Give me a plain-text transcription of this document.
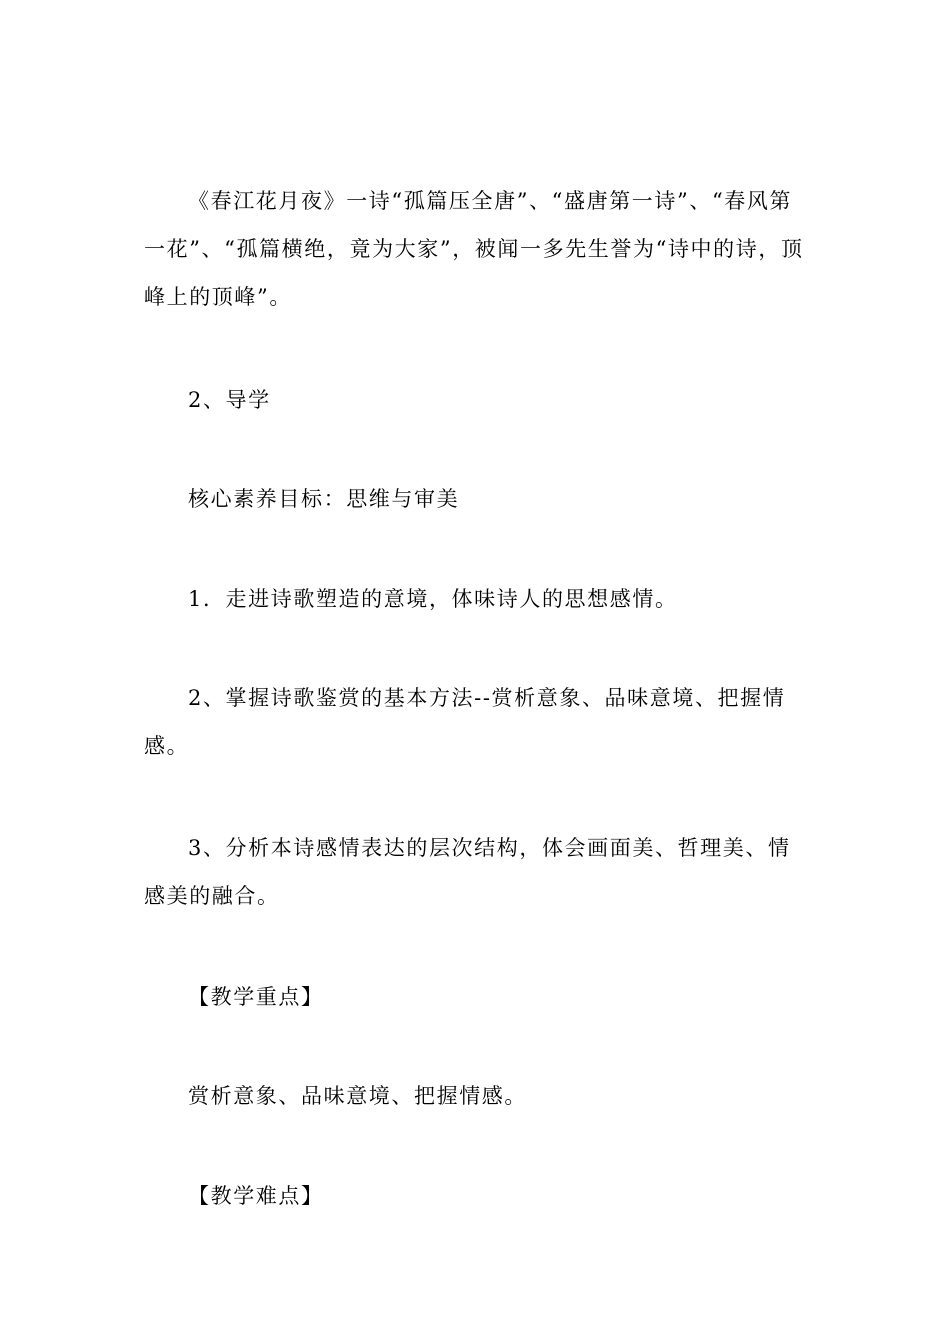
《春江花月夜》一诗“孤篇压全唐”、“盛唐第一诗”、“春风第一花”、“孤篇横绝，竟为大家”，被闻一多先生誉为“诗中的诗，顶峰上的顶峰”。

2、导学

核心素养目标：思维与审美

1．走进诗歌塑造的意境，体味诗人的思想感情。

2、掌握诗歌鉴赏的基本方法--赏析意象、品味意境、把握情感。

3、分析本诗感情表达的层次结构，体会画面美、哲理美、情感美的融合。

【教学重点】

赏析意象、品味意境、把握情感。

【教学难点】
